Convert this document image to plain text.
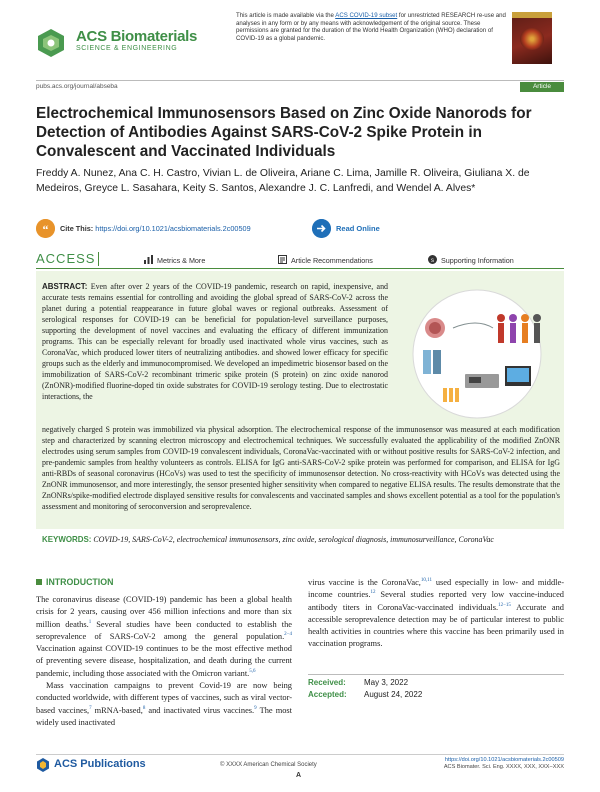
ACS Biomaterials
SCIENCE & ENGINEERING
This article is made available via the ACS COVID-19 subset for unrestricted RESEARCH re-use and analyses in any form or by any means with acknowledgement of the original source. These permissions are granted for the duration of the World Health Organization (WHO) declaration of COVID-19 as a global pandemic.
pubs.acs.org/journal/abseba	Article
Electrochemical Immunosensors Based on Zinc Oxide Nanorods for Detection of Antibodies Against SARS-CoV-2 Spike Protein in Convalescent and Vaccinated Individuals
Freddy A. Nunez, Ana C. H. Castro, Vivian L. de Oliveira, Ariane C. Lima, Jamille R. Oliveira, Giuliana X. de Medeiros, Greyce L. Sasahara, Keity S. Santos, Alexandre J. C. Lanfredi, and Wendel A. Alves*
“ Cite This: https://doi.org/10.1021/acsbiomaterials.2c00509	Read Online
ACCESS	Metrics & More	Article Recommendations	s Supporting Information
ABSTRACT: Even after over 2 years of the COVID-19 pandemic, research on rapid, inexpensive, and accurate tests remains essential for controlling and avoiding the global spread of SARS-CoV-2 across the planet during a potential reappearance in future global waves or regional outbreaks. Assessment of serological responses for COVID-19 can be beneficial for population-level surveillance purposes, supporting the development of novel vaccines and evaluating the efficacy of different immunization programs. This can be especially relevant for broadly used inactivated whole virus vaccines, such as CoronaVac, which produced lower titers of neutralizing antibodies. and showed lower efficacy for specific groups such as the elderly and immunocompromised. We developed an impedimetric biosensor based on the immobilization of SARS-CoV-2 recombinant trimeric spike protein (S protein) on zinc oxide nanorod (ZnONR)-modified fluorine-doped tin oxide substrates for COVID-19 serology testing. Due to electrostatic interactions, the
negatively charged S protein was immobilized via physical adsorption. The electrochemical response of the immunosensor was measured at each modification step and characterized by scanning electron microscopy and electrochemical techniques. We successfully evaluated the applicability of the modified ZnONR electrodes using serum samples from COVID-19 convalescent individuals, CoronaVac-vaccinated with or without positive results for SARS-CoV-2 infection, and pre-pandemic samples from healthy volunteers as controls. ELISA for IgG anti-SARS-CoV-2 spike protein was performed for comparison, and ELISA for IgG anti-RBDs of seasonal coronavirus (HCoVs) was used to test the specificity of immunosensor detection. No cross-reactivity with HCoVs was detected using the ZnONR immunosensor, and more interestingly, the sensor presented higher sensitivity when compared to negative ELISA results. The results demonstrate that the ZnONRs/spike-modified electrode displayed sensitive results for convalescents and vaccinated samples and shows excellent potential as a tool for the population's assessment and monitoring of seroconversion and seroprevalence.
KEYWORDS: COVID-19, SARS-CoV-2, electrochemical immunosensors, zinc oxide, serological diagnosis, immunosurveillance, CoronaVac
INTRODUCTION

The coronavirus disease (COVID-19) pandemic has been a global health crisis for 2 years, causing over 456 million infections and more than six million deaths.$^1$ Several studies have been conducted to establish the seroprevalence of SARS-CoV-2 among the general population.$^{2-4}$ Vaccination against COVID-19 continues to be the most effective method of preventing severe disease, hospitalization, and death during the current pandemic, including those associated with the Omicron variant.$^{5,6}$

Mass vaccination campaigns to prevent Covid-19 are now being conducted worldwide, with different types of vaccines, such as viral vector-based vaccines,$^7$ mRNA-based,$^8$ and inactivated virus vaccines.$^9$ The most widely used inactivated

virus vaccine is the CoronaVac,$^{10,11}$ used especially in low- and middle-income countries.$^{12}$ Several studies reported very low vaccine-induced antibody titers in CoronaVac-vaccinated individuals.$^{12-15}$ Accurate and accessible seroprevalence detection may be of particular interest to public health activities in countries where this vaccine has been primarily used in vaccination programs.
Received: May 3, 2022
Accepted: August 24, 2022
ACS Publications	© XXXX American Chemical Society
A
https://doi.org/10.1021/acsbiomaterials.2c00509
ACS Biomater. Sci. Eng. XXXX, XXX, XXX−XXX
